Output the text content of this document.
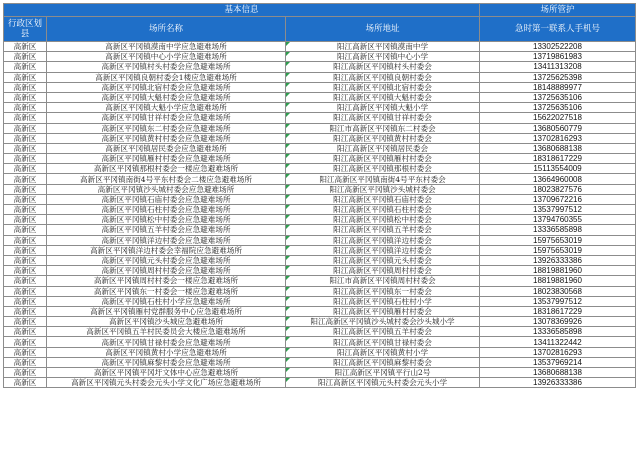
基本信息			场所管护
行政区划县	场所名称	场所地址	急时第一联系人手机号
高新区	高新区平冈镇漠南中学应急避难场所	阳江高新区平冈镇漠南中学	13302522208
高新区	高新区平冈镇中心小学应急避难场所	阳江高新区平冈镇中心小学	13719861983
高新区	高新区平冈镇村头村委会应急避难场所	阳江高新区平冈镇村头村委会	13411313208
高新区	高新区平冈镇良朝村委会1楼应急避难场所	阳江高新区平冈镇良朝村委会	13725625398
高新区	高新区平冈镇北宿村委会应急避难场所	阳江高新区平冈镇北宿村委会	18148889977
高新区	高新区平冈镇大魁村委会应急避难场所	阳江高新区平冈镇大魁村委会	13725635106
高新区	高新区平冈镇大魁小学应急避难场所	阳江高新区平冈镇大魁小学	13725635106
高新区	高新区平冈镇甘祥村委会应急避难场所	阳江高新区平冈镇甘祥村委会	15622027518
高新区	高新区平冈镇东二村委会应急避难场所	阳江市高新区平冈镇东二村委会	13680560779
高新区	高新区平冈镇黄村村委会应急避难场所	阳江高新区平冈镇黄村村委会	13702816293
高新区	高新区平冈镇居民委会应急避难场所	阳江高新区平冈镇居民委会	13680688138
高新区	高新区平冈镇雁村村委会应急避难场所	阳江高新区平冈镇雁村村委会	18318617229
高新区	高新区平冈镇那根村委会一楼应急避难场所	阳江高新区平冈镇那根村委会	15113554009
高新区	高新区平冈镇南街4号平东村委会二楼应急避难场所	阳江高新区平冈镇南街4号平东村委会	13664960008
高新区	高新区平冈镇沙头城村委会应急避难场所	阳江高新区平冈镇沙头城村委会	18023827576
高新区	高新区平冈镇石庙村委会应急避难场所	阳江高新区平冈镇石庙村委会	13709672216
高新区	高新区平冈镇石柱村委会应急避难场所	阳江高新区平冈镇石柱村委会	13537997512
高新区	高新区平冈镇松中村委会应急避难场所	阳江高新区平冈镇松中村委会	13794760355
高新区	高新区平冈镇五羊村委会应急避难场所	阳江高新区平冈镇五羊村委会	13336585898
高新区	高新区平冈镇洋边村委会应急避难场所	阳江高新区平冈镇洋边村委会	15975653019
高新区	高新区平冈镇洋边村委会幸福院应急避难场所	阳江高新区平冈镇洋边村委会	15975653019
高新区	高新区平冈镇元头村委会应急避难场所	阳江高新区平冈镇元头村委会	13926333386
高新区	高新区平冈镇周村村委会应急避难场所	阳江高新区平冈镇周村村委会	18819881960
高新区	高新区平冈镇周村村委会一楼应急避难场所	阳江市高新区平冈镇周村村委会	18819881960
高新区	高新区平冈镇东一村委会一楼应急避难场所	阳江高新区平冈镇东一村委会	18023830568
高新区	高新区平冈镇石柱村小学应急避难场所	阳江高新区平冈镇石柱村小学	13537997512
高新区	高新区平冈镇雁村党群服务中心应急避难场所	阳江高新区平冈镇雁村村委会	18318617229
高新区	高新区平冈镇沙头城应急避难场所	阳江高新区平冈镇沙头城村委会沙头城小学	13078369926
高新区	高新区平冈镇五羊村民委员会大楼应急避难场所	阳江高新区平冈镇五羊村委会	13336585898
高新区	高新区平冈镇甘禄村委会应急避难场所	阳江高新区平冈镇甘禄村委会	13411322442
高新区	高新区平冈镇黄村小学应急避难场所	阳江高新区平冈镇黄村小学	13702816293
高新区	高新区平冈镇麻黎村委会应急避难场所	阳江高新区平冈镇麻黎村委会	13537969214
高新区	高新区平冈镇平冈圩文体中心应急避难场所	阳江高新区平冈镇平行山2号	13680688138
高新区	高新区平冈镇元头村委会元头小学文化广场应急避难场所	阳江高新区平冈镇元头村委会元头小学	13926333386
